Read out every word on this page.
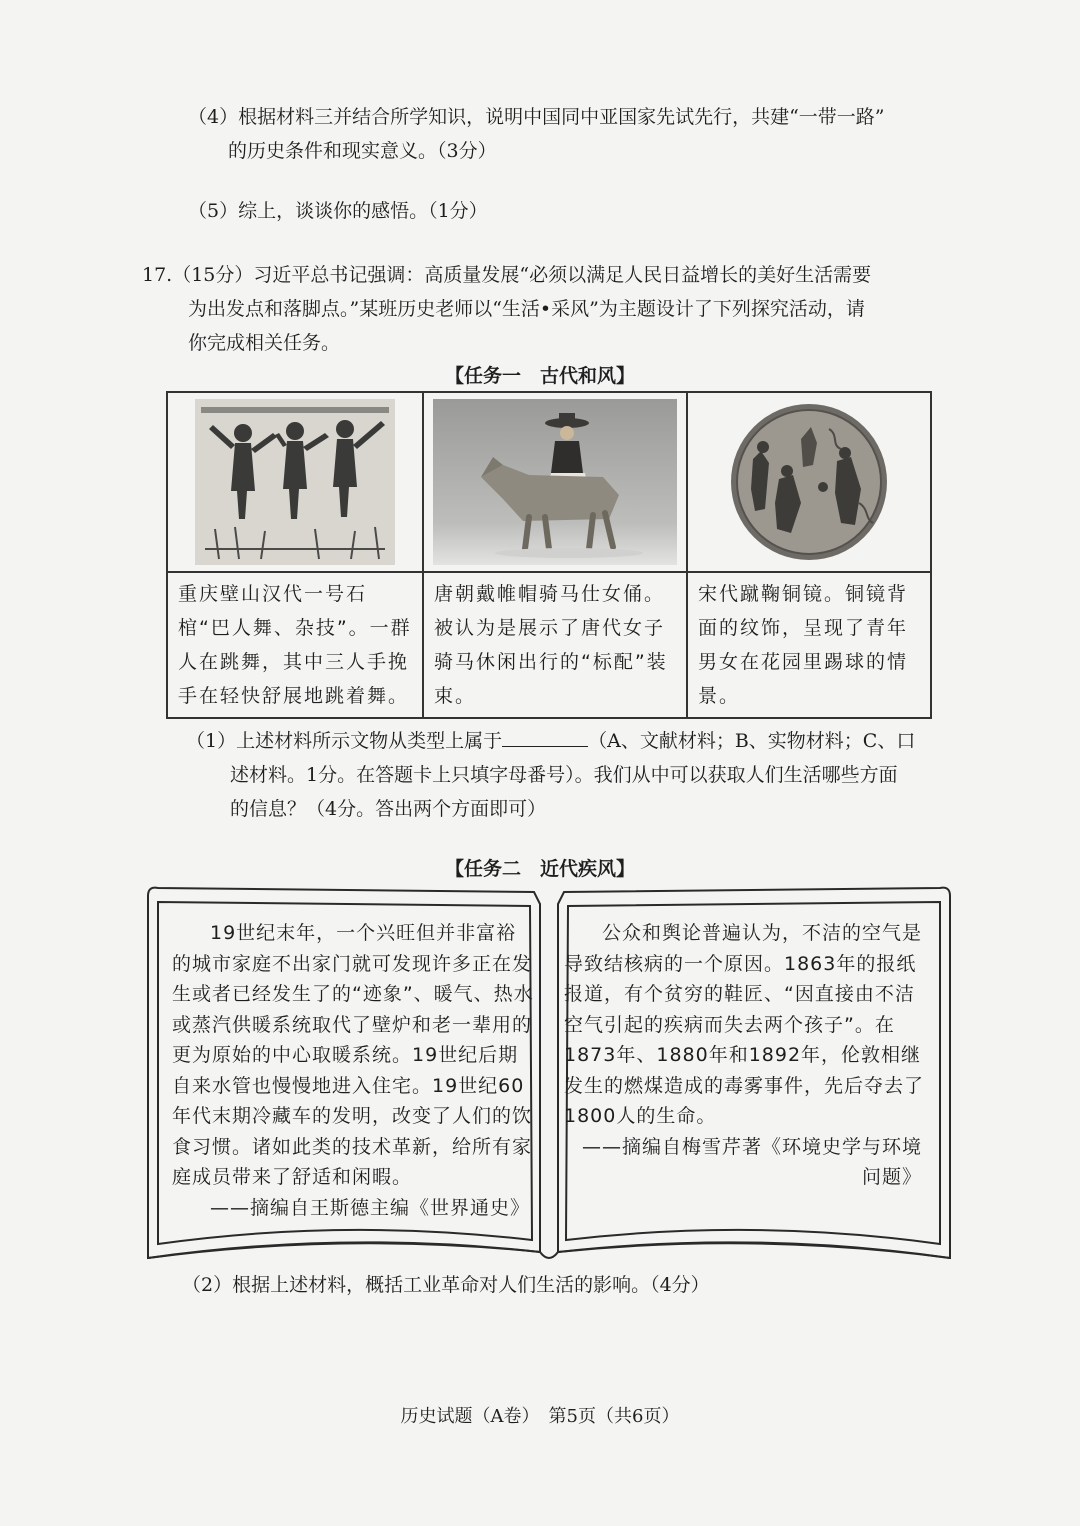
（4）根据材料三并结合所学知识，说明中国同中亚国家先试先行，共建“一带一路”
的历史条件和现实意义。（3分）
（5）综上，谈谈你的感悟。（1分）
17.（15分）习近平总书记强调：高质量发展“必须以满足人民日益增长的美好生活需要
为出发点和落脚点。”某班历史老师以“生活•采风”为主题设计了下列探究活动，请
你完成相关任务。
【任务一　古代和风】

重庆壁山汉代一号石棺“巴人舞、杂技”。一群人在跳舞，其中三人手挽手在轻快舒展地跳着舞。	唐朝戴帷帽骑马仕女俑。被认为是展示了唐代女子骑马休闲出行的“标配”装束。	宋代蹴鞠铜镜。铜镜背面的纹饰，呈现了青年男女在花园里踢球的情景。
（1）上述材料所示文物从类型上属于	（A、文献材料；B、实物材料；C、口
述材料。1分。在答题卡上只填字母番号）。我们从中可以获取人们生活哪些方面
的信息？（4分。答出两个方面即可）
【任务二　近代疾风】
19世纪末年，一个兴旺但并非富裕的城市家庭不出家门就可发现许多正在发生或者已经发生了的“迹象”、暖气、热水或蒸汽供暖系统取代了壁炉和老一辈用的更为原始的中心取暖系统。19世纪后期自来水管也慢慢地进入住宅。19世纪60年代末期冷藏车的发明，改变了人们的饮食习惯。诸如此类的技术革新，给所有家庭成员带来了舒适和闲暇。
——摘编自王斯德主编《世界通史》
公众和舆论普遍认为，不洁的空气是导致结核病的一个原因。1863年的报纸报道，有个贫穷的鞋匠、“因直接由不洁空气引起的疾病而失去两个孩子”。在1873年、1880年和1892年，伦敦相继发生的燃煤造成的毒雾事件，先后夺去了1800人的生命。
——摘编自梅雪芹著《环境史学与环境问题》
（2）根据上述材料，概括工业革命对人们生活的影响。（4分）
历史试题（A卷）　第5页（共6页）
